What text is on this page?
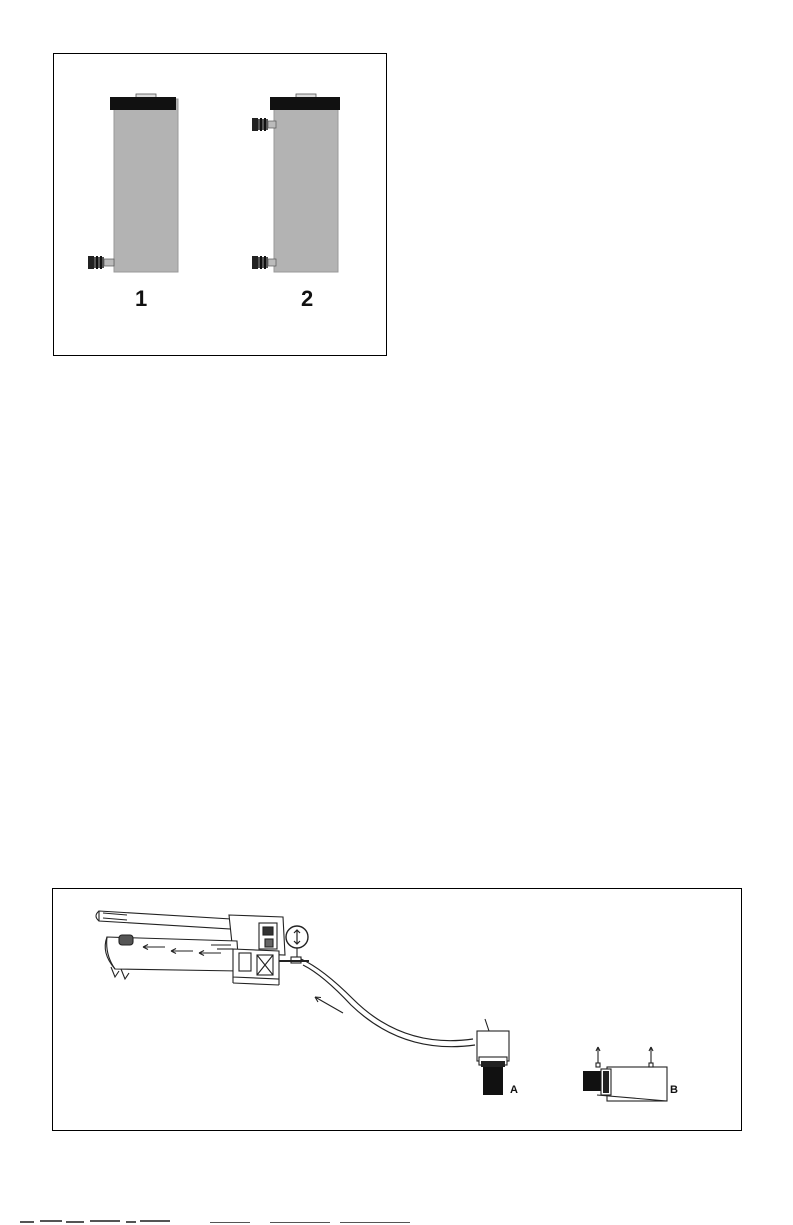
1	2
A	B
